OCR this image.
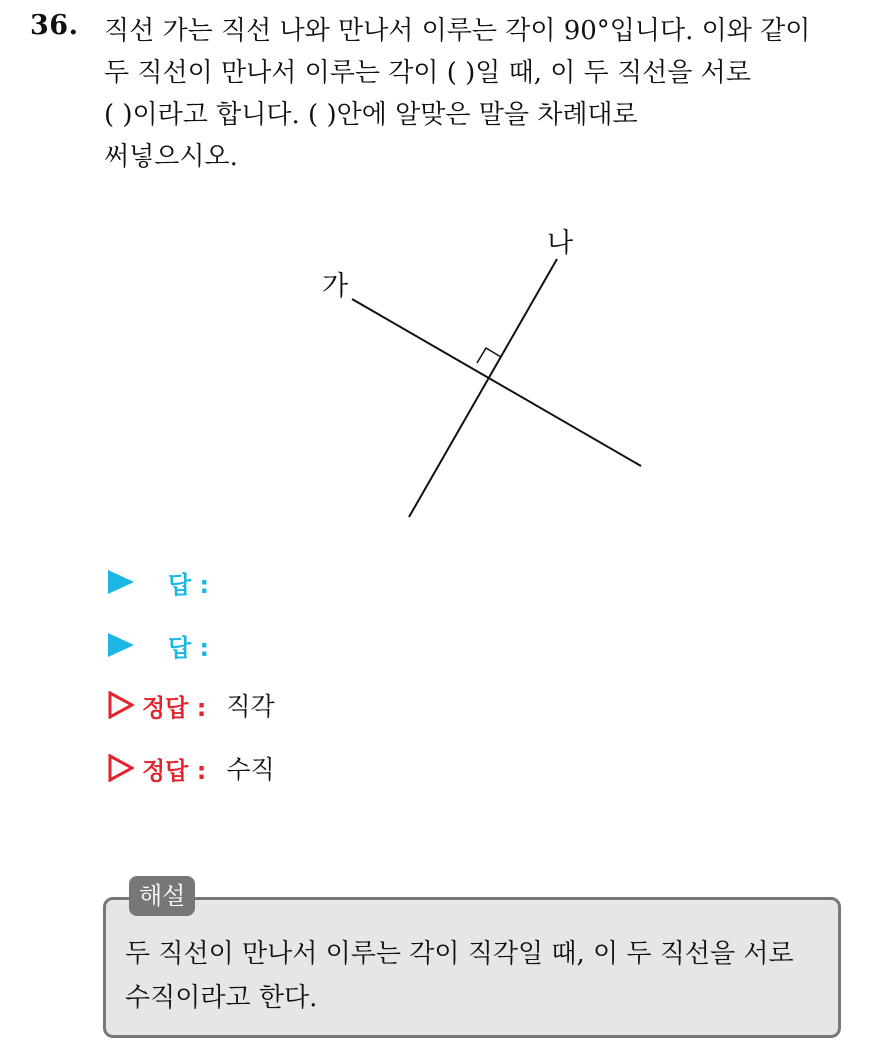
36. 직선 가는 직선 나와 만나서 이루는 각이 90°입니다. 이와 같이
두 직선이 만나서 이루는 각이 ( )일 때, 이 두 직선을 서로
( )이라고 합니다. ( )안에 알맞은 말을 차례대로
써넣으시오.

가
나
답 :
답 :
정답 : 직각
정답 : 수직
해설

두 직선이 만나서 이루는 각이 직각일 때, 이 두 직선을 서로
수직이라고 한다.
